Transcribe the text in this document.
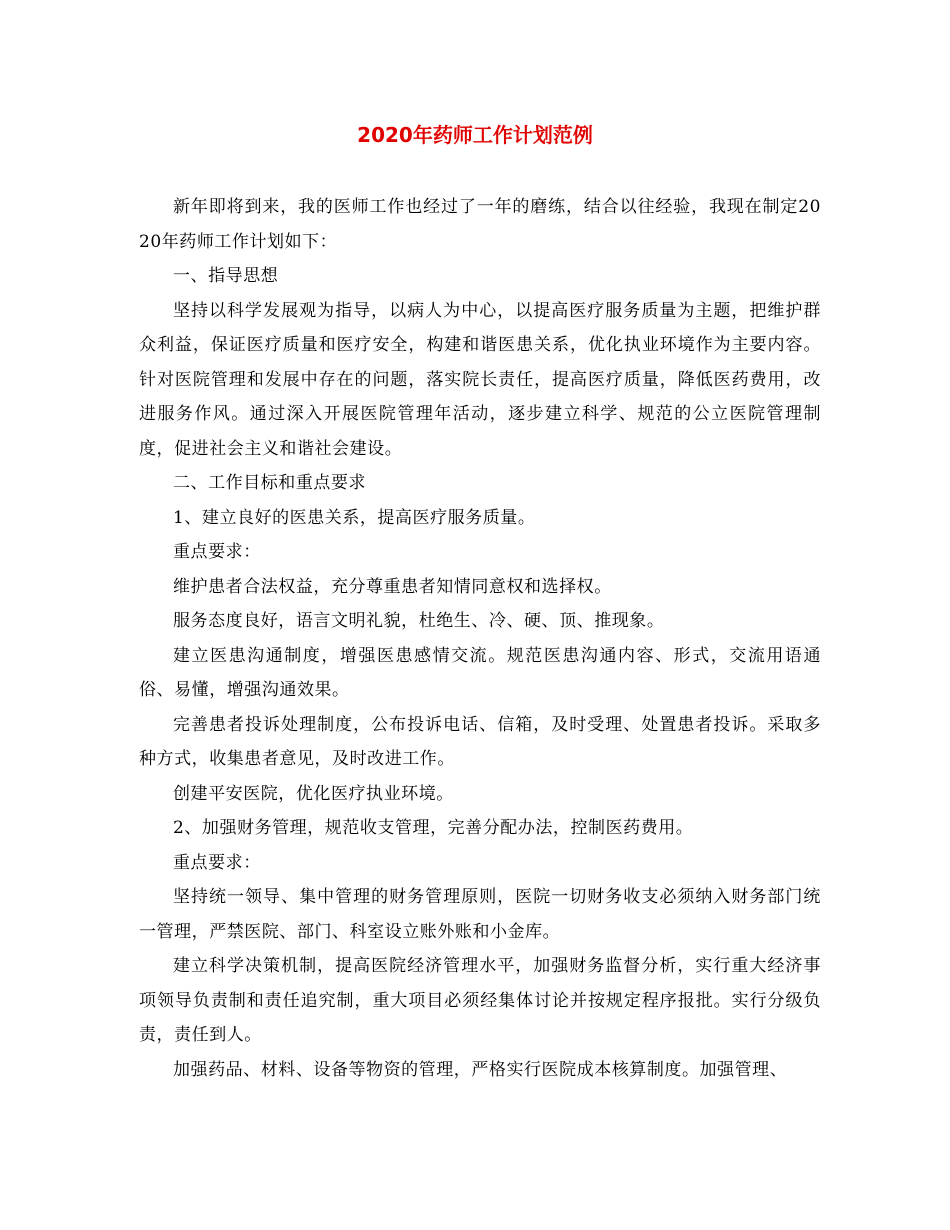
2020年药师工作计划范例

新年即将到来，我的医师工作也经过了一年的磨练，结合以往经验，我现在制定2020年药师工作计划如下：

一、指导思想

坚持以科学发展观为指导，以病人为中心，以提高医疗服务质量为主题，把维护群众利益，保证医疗质量和医疗安全，构建和谐医患关系，优化执业环境作为主要内容。针对医院管理和发展中存在的问题，落实院长责任，提高医疗质量，降低医药费用，改进服务作风。通过深入开展医院管理年活动，逐步建立科学、规范的公立医院管理制度，促进社会主义和谐社会建设。

二、工作目标和重点要求

1、建立良好的医患关系，提高医疗服务质量。

重点要求：

维护患者合法权益，充分尊重患者知情同意权和选择权。

服务态度良好，语言文明礼貌，杜绝生、冷、硬、顶、推现象。

建立医患沟通制度，增强医患感情交流。规范医患沟通内容、形式，交流用语通俗、易懂，增强沟通效果。

完善患者投诉处理制度，公布投诉电话、信箱，及时受理、处置患者投诉。采取多种方式，收集患者意见，及时改进工作。

创建平安医院，优化医疗执业环境。

2、加强财务管理，规范收支管理，完善分配办法，控制医药费用。

重点要求：

坚持统一领导、集中管理的财务管理原则，医院一切财务收支必须纳入财务部门统一管理，严禁医院、部门、科室设立账外账和小金库。

建立科学决策机制，提高医院经济管理水平，加强财务监督分析，实行重大经济事项领导负责制和责任追究制，重大项目必须经集体讨论并按规定程序报批。实行分级负责，责任到人。

加强药品、材料、设备等物资的管理，严格实行医院成本核算制度。加强管理、
